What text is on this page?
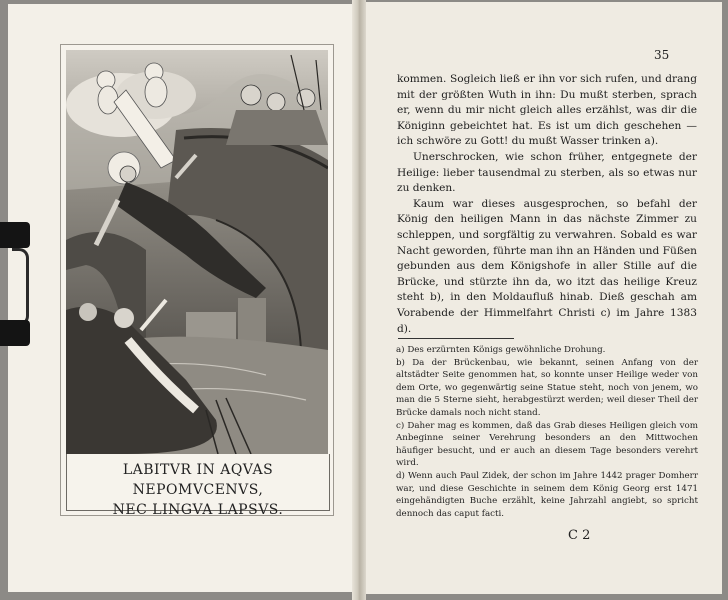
LABITVR IN AQVAS NEPOMVCENVS,
NEC LINGVA LAPSVS.
35

kommen. Sogleich ließ er ihn vor sich rufen, und drang mit der größten Wuth in ihn: Du mußt sterben, sprach er, wenn du mir nicht gleich alles erzählst, was dir die Königinn gebeichtet hat. Es ist um dich geschehen — ich schwöre zu Gott! du mußt Wasser trinken a).

Unerschrocken, wie schon früher, entgegnete der Heilige: lieber tausendmal zu sterben, als so etwas nur zu denken.

Kaum war dieses ausgesprochen, so befahl der König den heiligen Mann in das nächste Zimmer zu schleppen, und sorgfältig zu verwahren. Sobald es war Nacht geworden, führte man ihn an Händen und Füßen gebunden aus dem Königshofe in aller Stille auf die Brücke, und stürzte ihn da, wo itzt das heilige Kreuz steht b), in den Moldaufluß hinab. Dieß geschah am Vorabende der Himmelfahrt Christi c) im Jahre 1383 d).

a) Des erzürnten Königs gewöhnliche Drohung.

b) Da der Brückenbau, wie bekannt, seinen Anfang von der altstädter Seite genommen hat, so konnte unser Heilige weder von dem Orte, wo gegenwärtig seine Statue steht, noch von jenem, wo man die 5 Sterne sieht, herabgestürzt werden; weil dieser Theil der Brücke damals noch nicht stand.

c) Daher mag es kommen, daß das Grab dieses Heiligen gleich vom Anbeginne seiner Verehrung besonders an den Mittwochen häufiger besucht, und er auch an diesem Tage besonders verehrt wird.

d) Wenn auch Paul Zidek, der schon im Jahre 1442 prager Domherr war, und diese Geschichte in seinem dem König Georg erst 1471 eingehändigten Buche erzählt, keine Jahrzahl angiebt, so spricht dennoch das caput facti.

C 2
